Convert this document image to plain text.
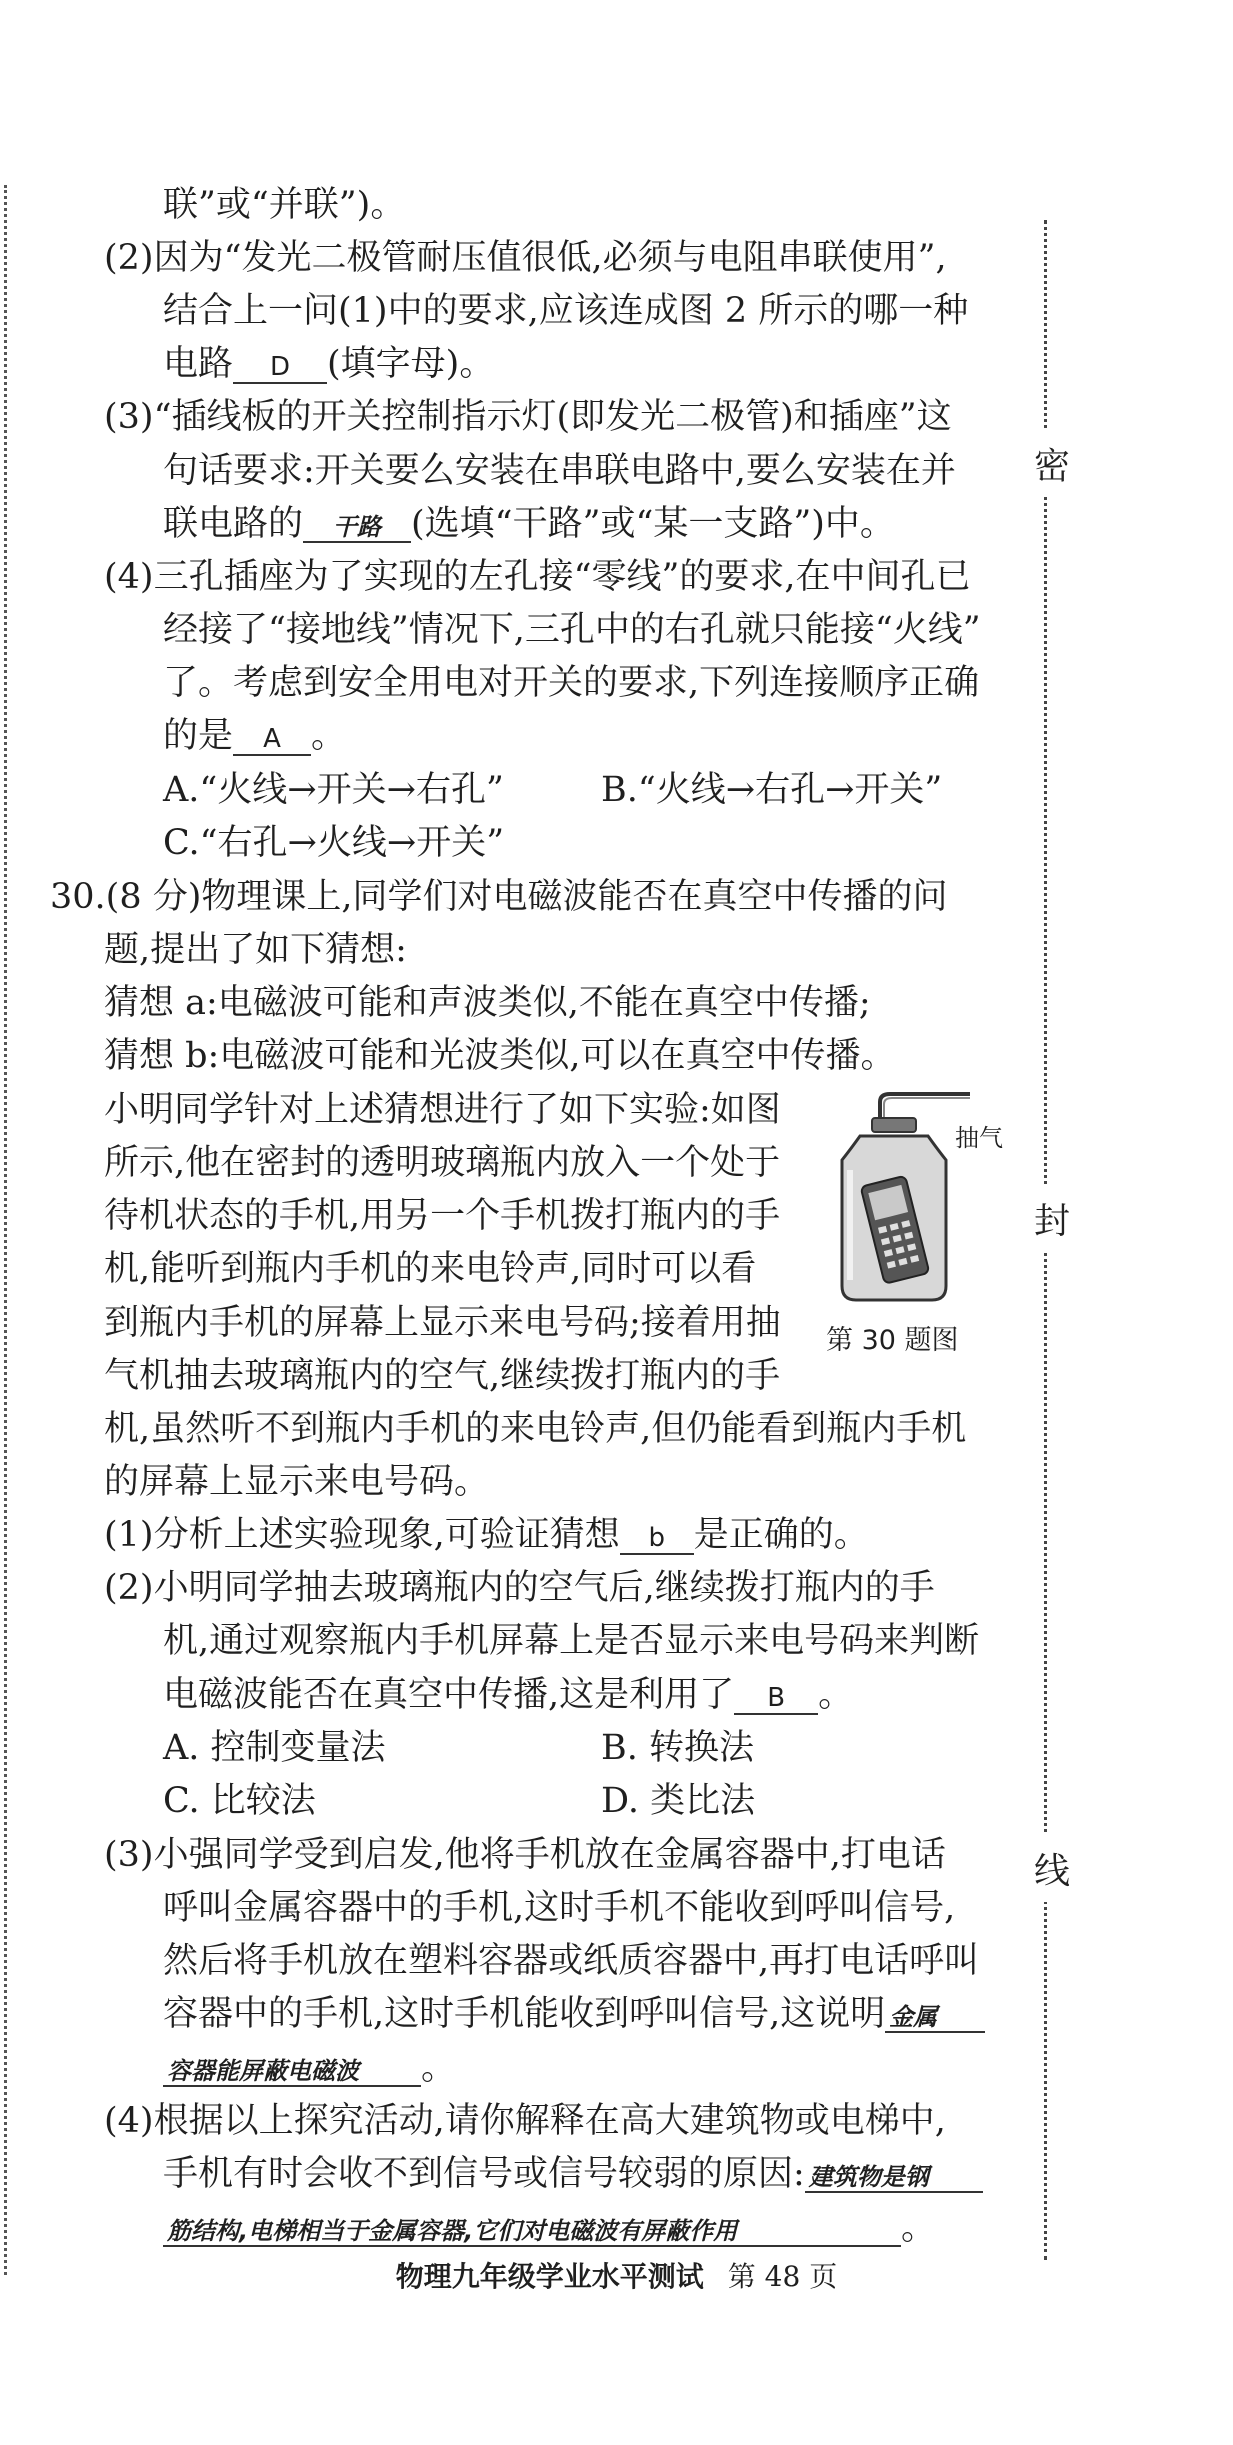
密
封
线
联”或“并联”)。
(2)因为“发光二极管耐压值很低,必须与电阻串联使用”,
结合上一问(1)中的要求,应该连成图 2 所示的哪一种
电路 D (填字母)。
(3)“插线板的开关控制指示灯(即发光二极管)和插座”这
句话要求:开关要么安装在串联电路中,要么安装在并
联电路的 干路 (选填“干路”或“某一支路”)中。
(4)三孔插座为了实现的左孔接“零线”的要求,在中间孔已
经接了“接地线”情况下,三孔中的右孔就只能接“火线”
了。考虑到安全用电对开关的要求,下列连接顺序正确
的是 A 。
A.“火线→开关→右孔”	B.“火线→右孔→开关”
C.“右孔→火线→开关”
30.(8 分)物理课上,同学们对电磁波能否在真空中传播的问
题,提出了如下猜想:
猜想 a:电磁波可能和声波类似,不能在真空中传播;
猜想 b:电磁波可能和光波类似,可以在真空中传播。
小明同学针对上述猜想进行了如下实验:如图
所示,他在密封的透明玻璃瓶内放入一个处于
待机状态的手机,用另一个手机拨打瓶内的手
机,能听到瓶内手机的来电铃声,同时可以看
到瓶内手机的屏幕上显示来电号码;接着用抽
气机抽去玻璃瓶内的空气,继续拨打瓶内的手
机,虽然听不到瓶内手机的来电铃声,但仍能看到瓶内手机
的屏幕上显示来电号码。
抽气
第 30 题图
(1)分析上述实验现象,可验证猜想 b 是正确的。
(2)小明同学抽去玻璃瓶内的空气后,继续拨打瓶内的手
机,通过观察瓶内手机屏幕上是否显示来电号码来判断
电磁波能否在真空中传播,这是利用了 B 。
A. 控制变量法	B. 转换法
C. 比较法	D. 类比法
(3)小强同学受到启发,他将手机放在金属容器中,打电话
呼叫金属容器中的手机,这时手机不能收到呼叫信号,
然后将手机放在塑料容器或纸质容器中,再打电话呼叫
容器中的手机,这时手机能收到呼叫信号,这说明 金属
容器能屏蔽电磁波 。
(4)根据以上探究活动,请你解释在高大建筑物或电梯中,
手机有时会收不到信号或信号较弱的原因: 建筑物是钢
筋结构,电梯相当于金属容器,它们对电磁波有屏蔽作用	。
物理九年级学业水平测试 第 48 页
